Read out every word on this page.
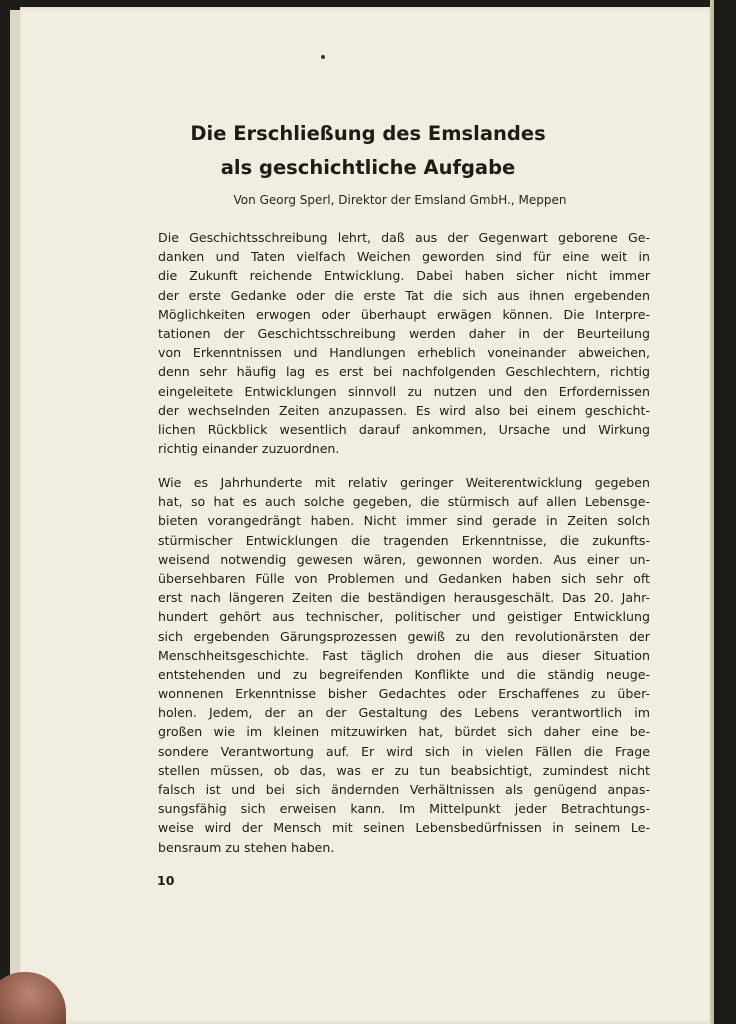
Die Erschließung des Emslandes
als geschichtliche Aufgabe

Von Georg Sperl, Direktor der Emsland GmbH., Meppen

Die Geschichtsschreibung lehrt, daß aus der Gegenwart geborene Ge-
danken und Taten vielfach Weichen geworden sind für eine weit in
die Zukunft reichende Entwicklung. Dabei haben sicher nicht immer
der erste Gedanke oder die erste Tat die sich aus ihnen ergebenden
Möglichkeiten erwogen oder überhaupt erwägen können. Die Interpre-
tationen der Geschichtsschreibung werden daher in der Beurteilung
von Erkenntnissen und Handlungen erheblich voneinander abweichen,
denn sehr häufig lag es erst bei nachfolgenden Geschlechtern, richtig
eingeleitete Entwicklungen sinnvoll zu nutzen und den Erfordernissen
der wechselnden Zeiten anzupassen. Es wird also bei einem geschicht-
lichen Rückblick wesentlich darauf ankommen, Ursache und Wirkung
richtig einander zuzuordnen.
Wie es Jahrhunderte mit relativ geringer Weiterentwicklung gegeben
hat, so hat es auch solche gegeben, die stürmisch auf allen Lebensge-
bieten vorangedrängt haben. Nicht immer sind gerade in Zeiten solch
stürmischer Entwicklungen die tragenden Erkenntnisse, die zukunfts-
weisend notwendig gewesen wären, gewonnen worden. Aus einer un-
übersehbaren Fülle von Problemen und Gedanken haben sich sehr oft
erst nach längeren Zeiten die beständigen herausgeschält. Das 20. Jahr-
hundert gehört aus technischer, politischer und geistiger Entwicklung
sich ergebenden Gärungsprozessen gewiß zu den revolutionärsten der
Menschheitsgeschichte. Fast täglich drohen die aus dieser Situation
entstehenden und zu begreifenden Konflikte und die ständig neuge-
wonnenen Erkenntnisse bisher Gedachtes oder Erschaffenes zu über-
holen. Jedem, der an der Gestaltung des Lebens verantwortlich im
großen wie im kleinen mitzuwirken hat, bürdet sich daher eine be-
sondere Verantwortung auf. Er wird sich in vielen Fällen die Frage
stellen müssen, ob das, was er zu tun beabsichtigt, zumindest nicht
falsch ist und bei sich ändernden Verhältnissen als genügend anpas-
sungsfähig sich erweisen kann. Im Mittelpunkt jeder Betrachtungs-
weise wird der Mensch mit seinen Lebensbedürfnissen in seinem Le-
bensraum zu stehen haben.
10
